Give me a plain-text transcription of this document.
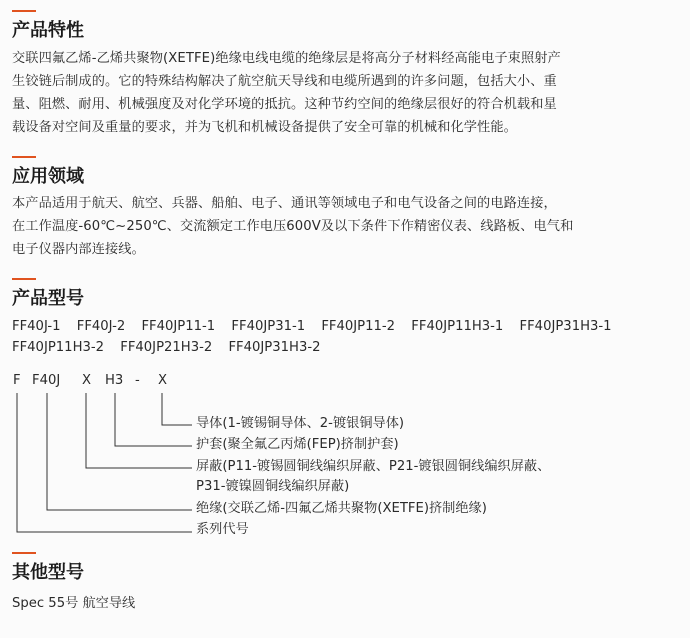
产品特性
交联四氟乙烯-乙烯共聚物(XETFE)绝缘电线电缆的绝缘层是将高分子材料经高能电子束照射产
生铰链后制成的。它的特殊结构解决了航空航天导线和电缆所遇到的许多问题，包括大小、重
量、阻燃、耐用、机械强度及对化学环境的抵抗。这种节约空间的绝缘层很好的符合机载和星
载设备对空间及重量的要求，并为飞机和机械设备提供了安全可靠的机械和化学性能。
应用领域
本产品适用于航天、航空、兵器、船舶、电子、通讯等领域电子和电气设备之间的电路连接，
在工作温度-60℃~250℃、交流额定工作电压600V及以下条件下作精密仪表、线路板、电气和
电子仪器内部连接线。
产品型号
FF40J-1 FF40J-2 FF40JP11-1 FF40JP31-1 FF40JP11-2 FF40JP11H3-1 FF40JP31H3-1
FF40JP11H3-2 FF40JP21H3-2 FF40JP31H3-2
F F40J X H3 - X
导体(1-镀锡铜导体、2-镀银铜导体)
护套(聚全氟乙丙烯(FEP)挤制护套)
屏蔽(P11-镀锡圆铜线编织屏蔽、P21-镀银圆铜线编织屏蔽、
P31-镀镍圆铜线编织屏蔽)
绝缘(交联乙烯-四氟乙烯共聚物(XETFE)挤制绝缘)
系列代号
其他型号
Spec 55号 航空导线
